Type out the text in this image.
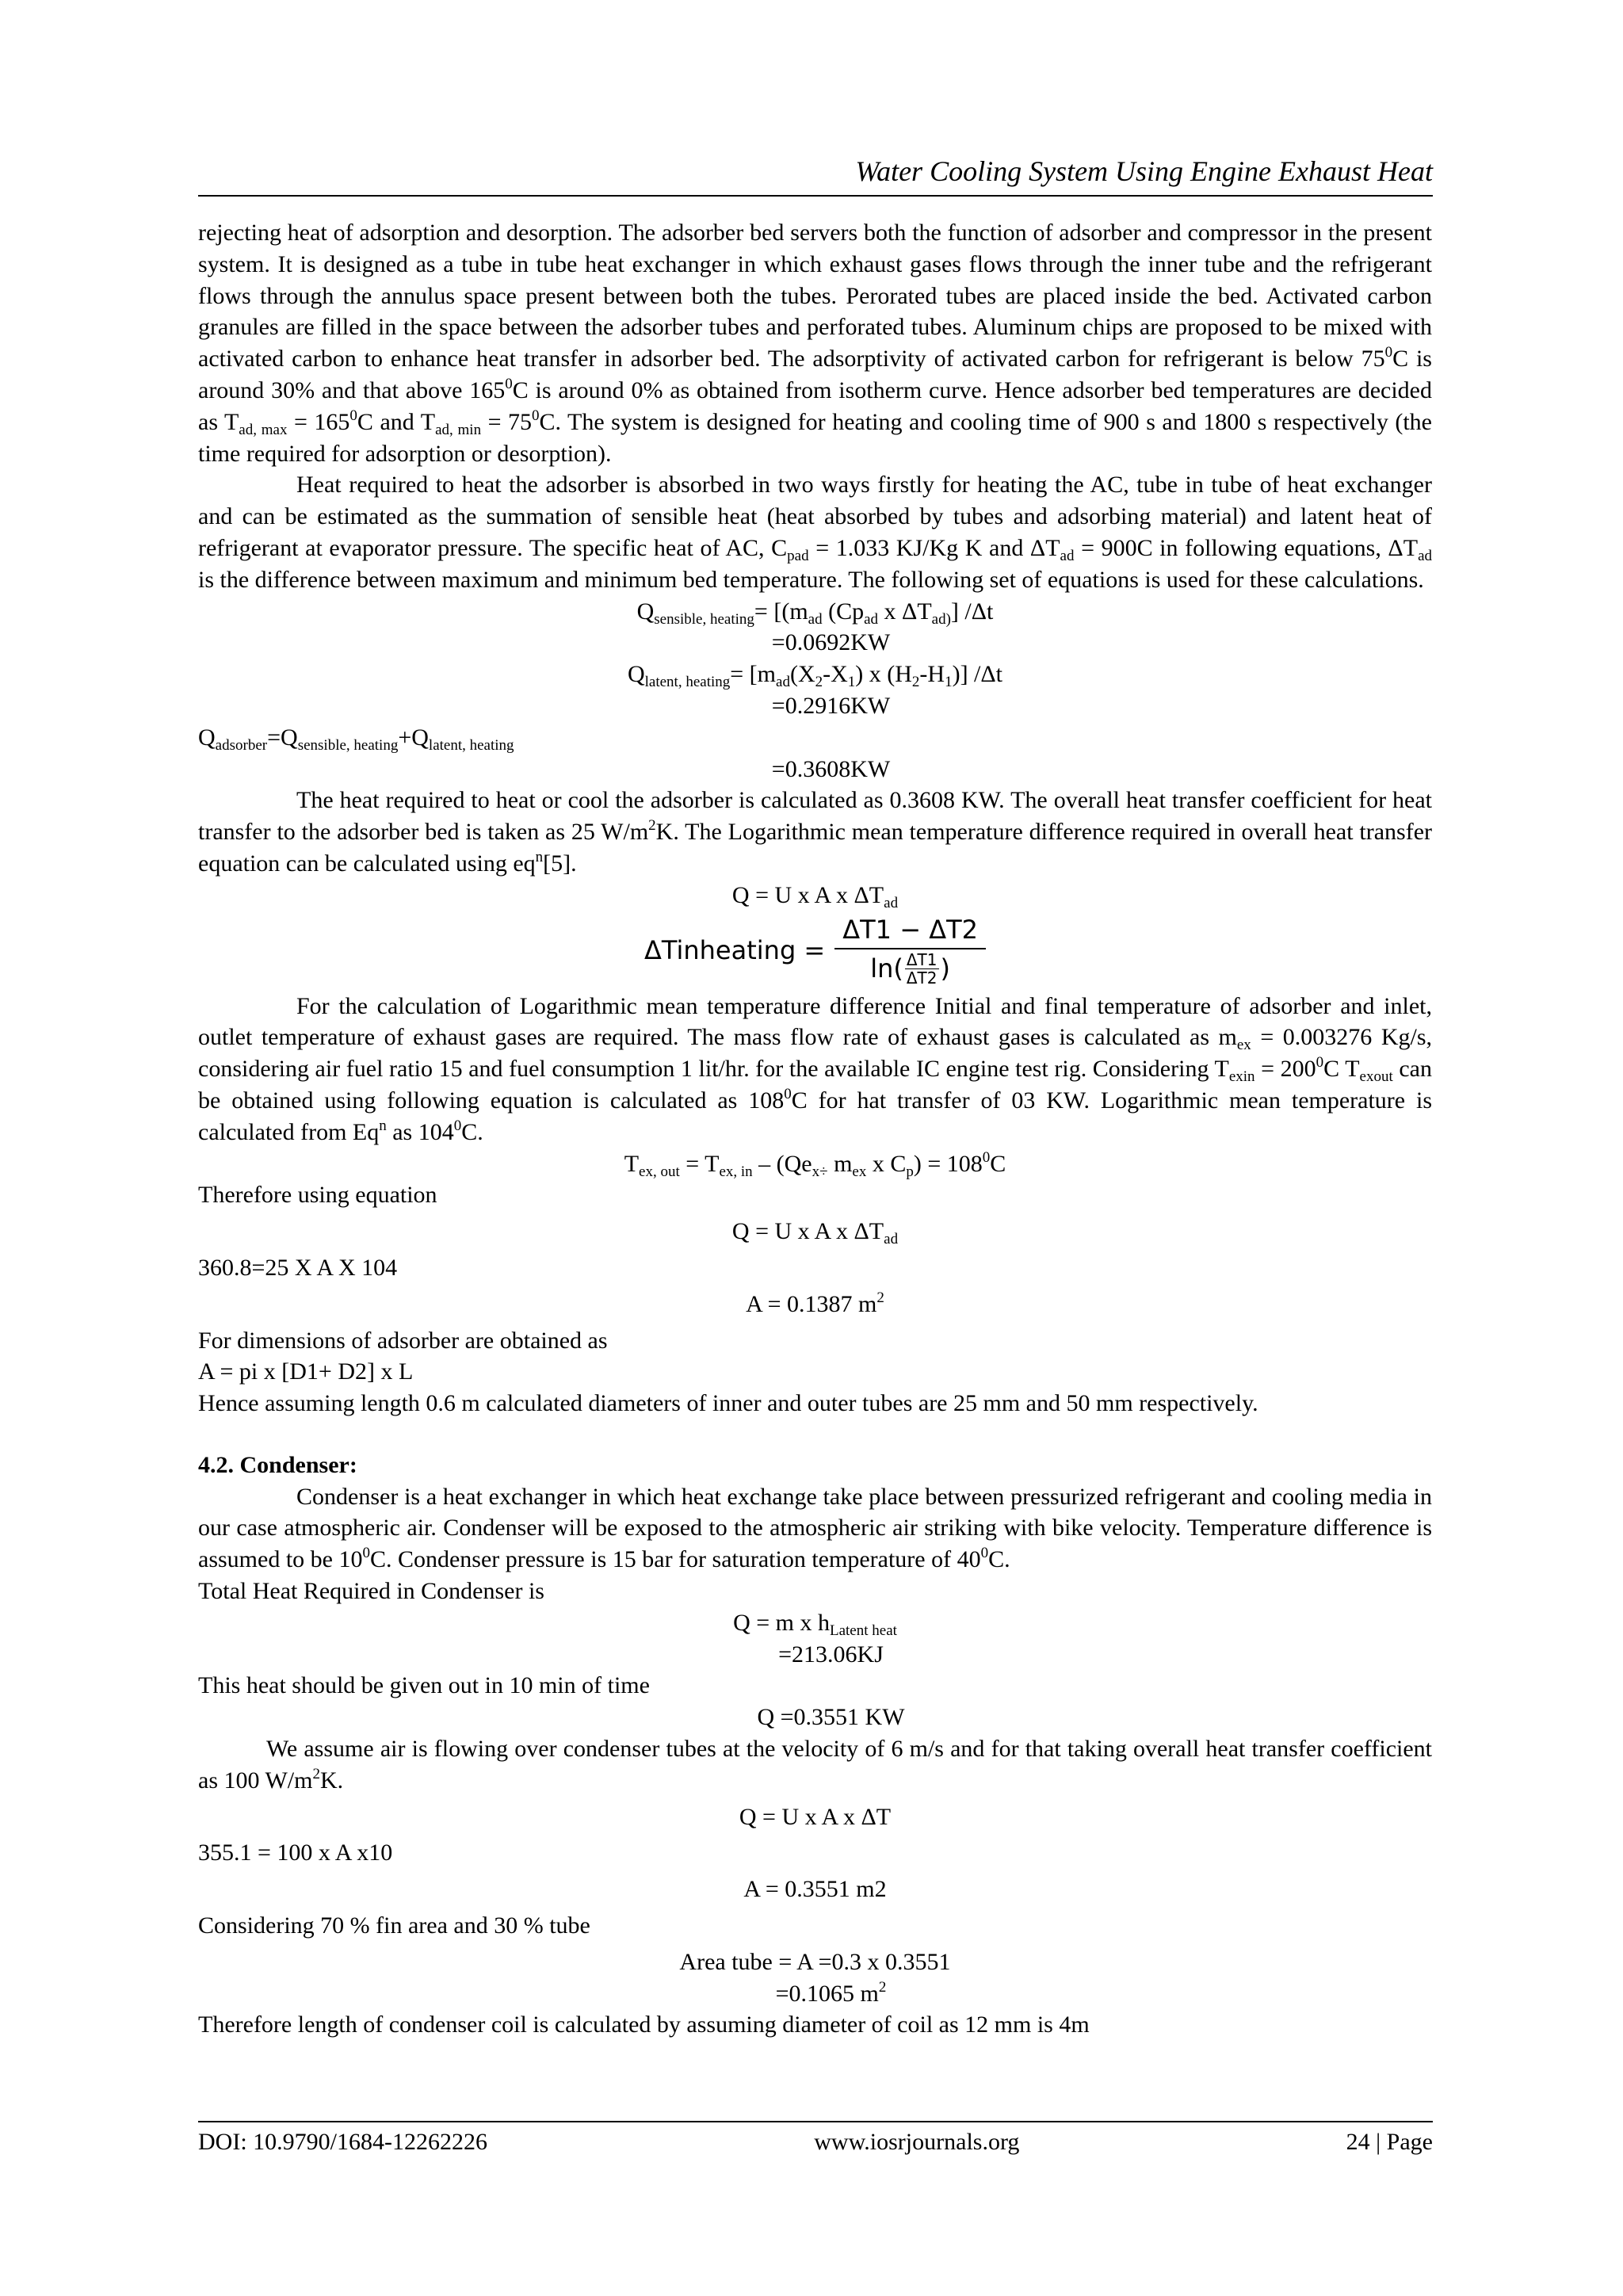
Water Cooling System Using Engine Exhaust Heat

rejecting heat of adsorption and desorption. The adsorber bed servers both the function of adsorber and compressor in the present system. It is designed as a tube in tube heat exchanger in which exhaust gases flows through the inner tube and the refrigerant flows through the annulus space present between both the tubes. Perorated tubes are placed inside the bed. Activated carbon granules are filled in the space between the adsorber tubes and perforated tubes. Aluminum chips are proposed to be mixed with activated carbon to enhance heat transfer in adsorber bed. The adsorptivity of activated carbon for refrigerant is below $75^0C$ is around 30% and that above $165^0C$ is around 0% as obtained from isotherm curve. Hence adsorber bed temperatures are decided as $T_{ad, max} = 165^0C$ and $T_{ad, min} = 75^0C$. The system is designed for heating and cooling time of 900 s and 1800 s respectively (the time required for adsorption or desorption).

Heat required to heat the adsorber is absorbed in two ways firstly for heating the AC, tube in tube of heat exchanger and can be estimated as the summation of sensible heat (heat absorbed by tubes and adsorbing material) and latent heat of refrigerant at evaporator pressure. The specific heat of AC, $C_{pad} = 1.033$ KJ/Kg K and $\Delta T_{ad} = 900C$ in following equations, $\Delta T_{ad}$ is the difference between maximum and minimum bed temperature. The following set of equations is used for these calculations.

$Q_{sensible, heating}= [(m_{ad}$ ($Cp_{ad}$ x $\Delta T_{ad)}$] /Δt

=0.0692KW

$Q_{latent, heating}= [m_{ad}(X_2-X_1)$ x $(H_2-H_1)$] /Δt

=0.2916KW

$Q_{adsorber}=Q_{sensible, heating}+Q_{latent, heating}$

=0.3608KW

The heat required to heat or cool the adsorber is calculated as 0.3608 KW. The overall heat transfer coefficient for heat transfer to the adsorber bed is taken as 25 $W/m^2K$. The Logarithmic mean temperature difference required in overall heat transfer equation can be calculated using $eq^n[5]$.

Q = U x A x $\Delta T_{ad}$

ΔTinheating =
ΔT1 − ΔT2
ln⁡( ΔT1
ΔT2 )

For the calculation of Logarithmic mean temperature difference Initial and final temperature of adsorber and inlet, outlet temperature of exhaust gases are required. The mass flow rate of exhaust gases is calculated as $m_{ex} = 0.003276$ Kg/s, considering air fuel ratio 15 and fuel consumption 1 lit/hr. for the available IC engine test rig. Considering $T_{exin} = 200^0C$ $T_{exout}$ can be obtained using following equation is calculated as $108^0C$ for hat transfer of 03 KW. Logarithmic mean temperature is calculated from Eq$^n$ as $104^0C$.

$T_{ex, out} = T_{ex, in} - (Qe_{x\div}$ $m_{ex}$ x $C_p) = 108^0C$

Therefore using equation

Q = U x A x $\Delta T_{ad}$

360.8=25 X A X 104

A = 0.1387 $m^2$

For dimensions of adsorber are obtained as

A = pi x [D1+ D2] x L

Hence assuming length 0.6 m calculated diameters of inner and outer tubes are 25 mm and 50 mm respectively.

4.2. Condenser:

Condenser is a heat exchanger in which heat exchange take place between pressurized refrigerant and cooling media in our case atmospheric air. Condenser will be exposed to the atmospheric air striking with bike velocity. Temperature difference is assumed to be $10^0C$. Condenser pressure is 15 bar for saturation temperature of $40^0C$.

Total Heat Required in Condenser is

Q = m x $h_{Latent heat}$

=213.06KJ

This heat should be given out in 10 min of time

Q =0.3551 KW

We assume air is flowing over condenser tubes at the velocity of 6 m/s and for that taking overall heat transfer coefficient as 100 $W/m^2K$.

Q = U x A x ΔT

355.1 = 100 x A x10

A = 0.3551 m2

Considering 70 % fin area and 30 % tube

Area tube = A =0.3 x 0.3551

=0.1065 $m^2$

Therefore length of condenser coil is calculated by assuming diameter of coil as 12 mm is 4m

DOI: 10.9790/1684-12262226	www.iosrjournals.org	24 | Page
